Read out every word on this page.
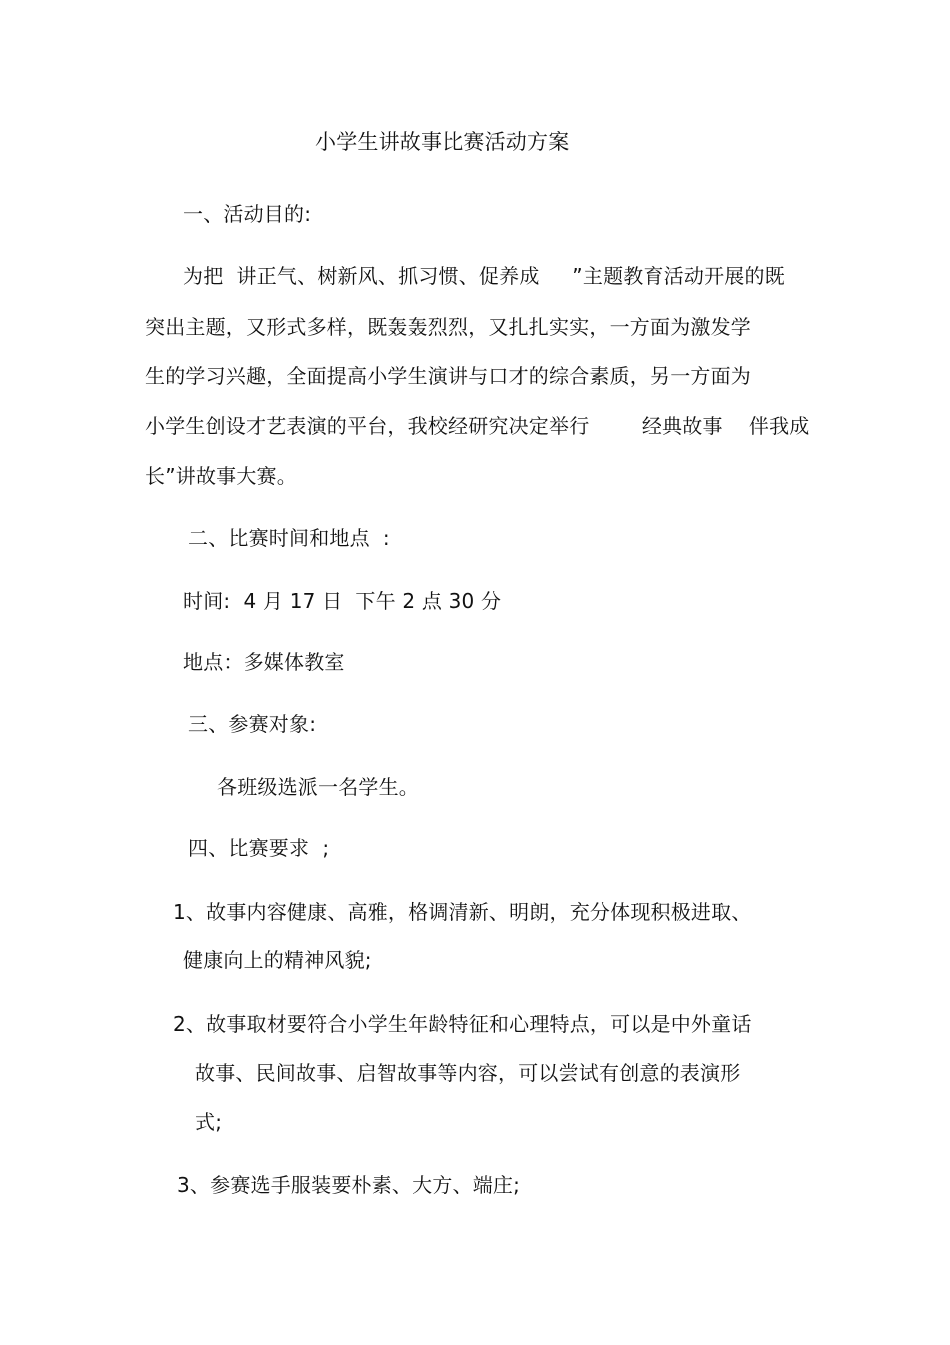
小学生讲故事比赛活动方案
一、活动目的:
为把  讲正气、树新风、抓习惯、促养成     ”主题教育活动开展的既
突出主题，又形式多样，既轰轰烈烈，又扎扎实实，一方面为激发学
生的学习兴趣，全面提高小学生演讲与口才的综合素质，另一方面为
小学生创设才艺表演的平台，我校经研究决定举行        经典故事    伴我成
长”讲故事大赛。
二、比赛时间和地点  :
时间:  4 月 17 日  下午 2 点 30 分
地点：多媒体教室
三、参赛对象:
各班级选派一名学生。
四、比赛要求  ;
1、故事内容健康、高雅，格调清新、明朗，充分体现积极进取、
健康向上的精神风貌;
2、故事取材要符合小学生年龄特征和心理特点，可以是中外童话
故事、民间故事、启智故事等内容，可以尝试有创意的表演形
式;
3、参赛选手服装要朴素、大方、端庄;
